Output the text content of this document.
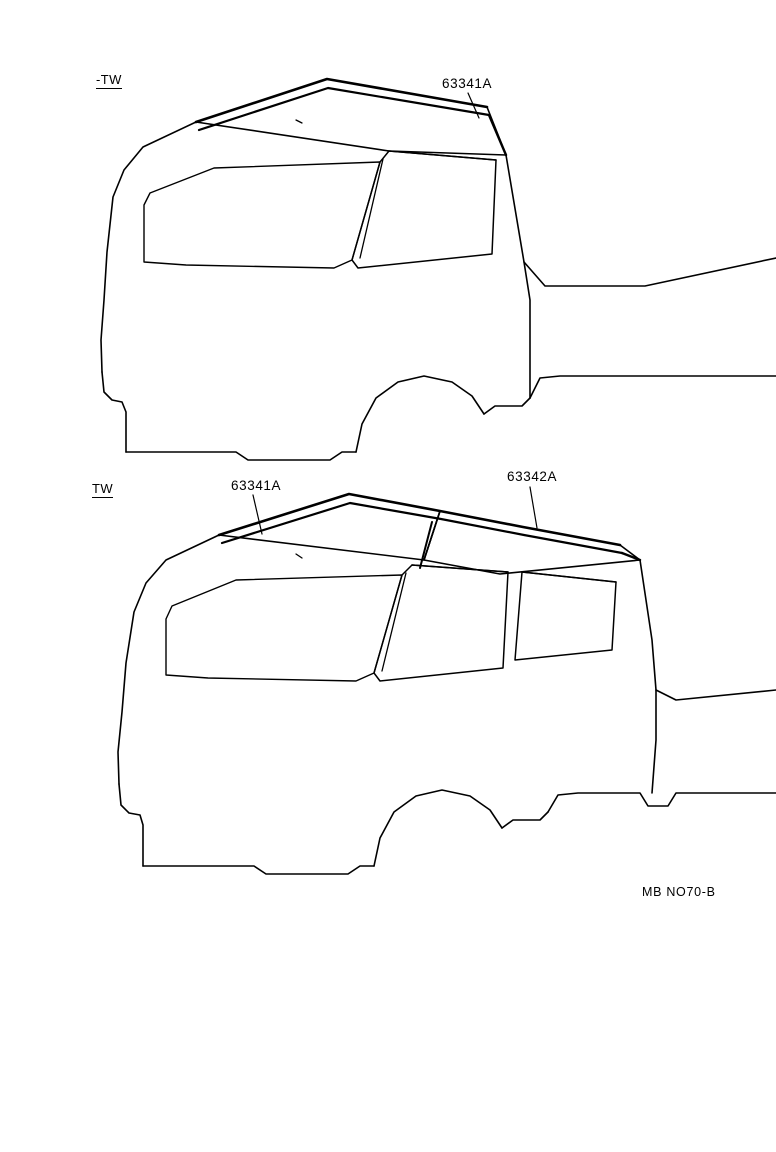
-TW	63341A
TW	63341A
63342A
MB NO70-B
